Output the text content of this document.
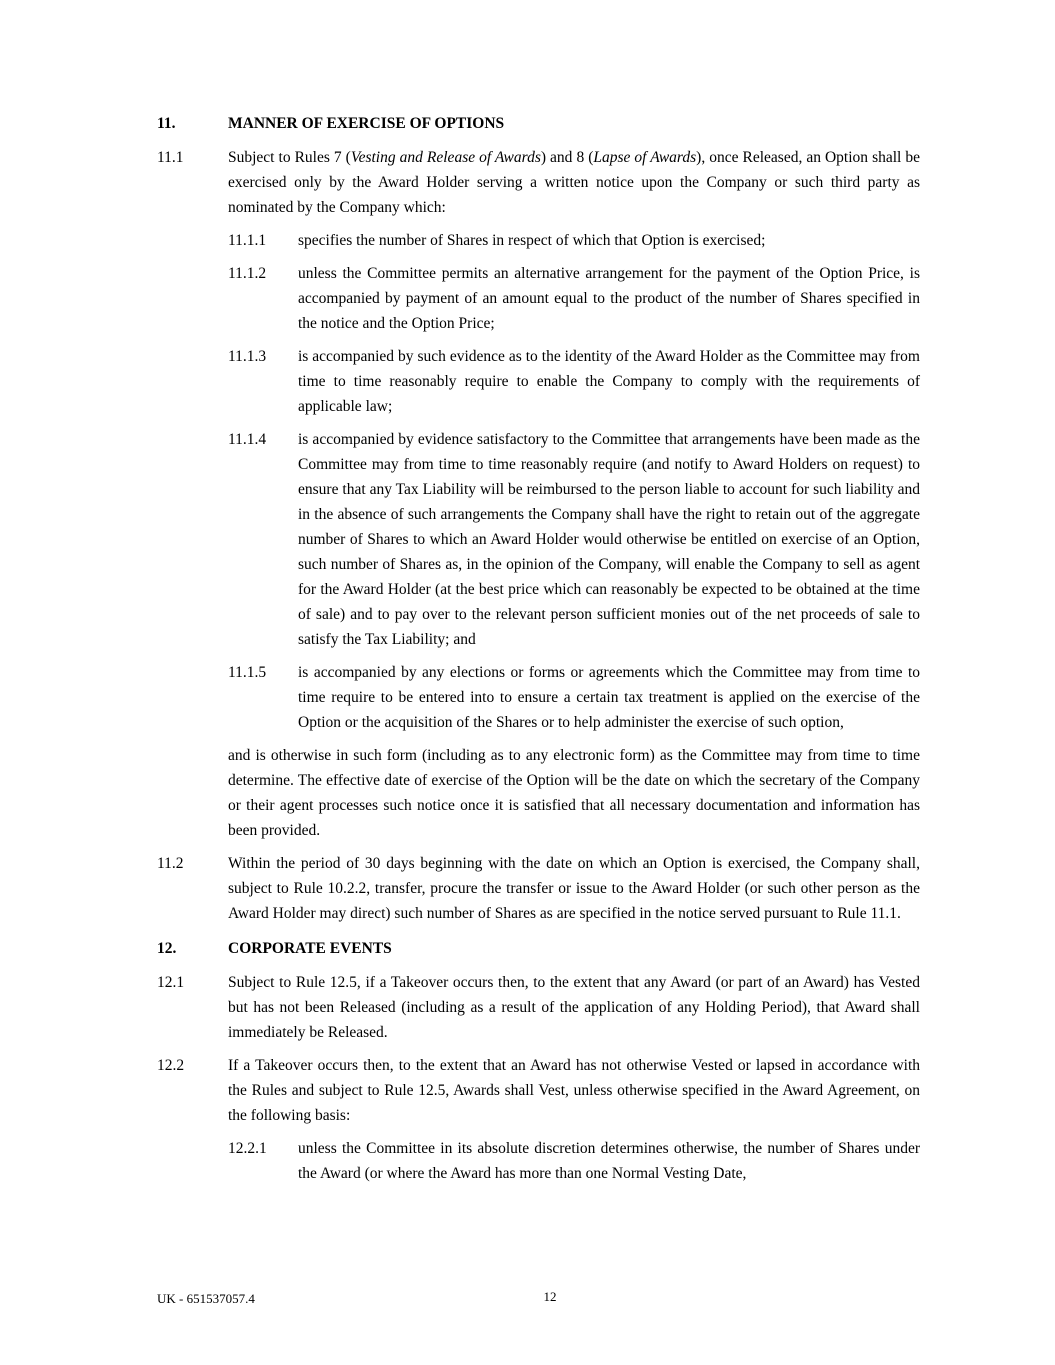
11.	MANNER OF EXERCISE OF OPTIONS
11.1	Subject to Rules 7 (Vesting and Release of Awards) and 8 (Lapse of Awards), once Released, an Option shall be exercised only by the Award Holder serving a written notice upon the Company or such third party as nominated by the Company which:
11.1.1	specifies the number of Shares in respect of which that Option is exercised;
11.1.2	unless the Committee permits an alternative arrangement for the payment of the Option Price, is accompanied by payment of an amount equal to the product of the number of Shares specified in the notice and the Option Price;
11.1.3	is accompanied by such evidence as to the identity of the Award Holder as the Committee may from time to time reasonably require to enable the Company to comply with the requirements of applicable law;
11.1.4	is accompanied by evidence satisfactory to the Committee that arrangements have been made as the Committee may from time to time reasonably require (and notify to Award Holders on request) to ensure that any Tax Liability will be reimbursed to the person liable to account for such liability and in the absence of such arrangements the Company shall have the right to retain out of the aggregate number of Shares to which an Award Holder would otherwise be entitled on exercise of an Option, such number of Shares as, in the opinion of the Company, will enable the Company to sell as agent for the Award Holder (at the best price which can reasonably be expected to be obtained at the time of sale) and to pay over to the relevant person sufficient monies out of the net proceeds of sale to satisfy the Tax Liability; and
11.1.5	is accompanied by any elections or forms or agreements which the Committee may from time to time require to be entered into to ensure a certain tax treatment is applied on the exercise of the Option or the acquisition of the Shares or to help administer the exercise of such option,
and is otherwise in such form (including as to any electronic form) as the Committee may from time to time determine. The effective date of exercise of the Option will be the date on which the secretary of the Company or their agent processes such notice once it is satisfied that all necessary documentation and information has been provided.
11.2	Within the period of 30 days beginning with the date on which an Option is exercised, the Company shall, subject to Rule 10.2.2, transfer, procure the transfer or issue to the Award Holder (or such other person as the Award Holder may direct) such number of Shares as are specified in the notice served pursuant to Rule 11.1.
12.	CORPORATE EVENTS
12.1	Subject to Rule 12.5, if a Takeover occurs then, to the extent that any Award (or part of an Award) has Vested but has not been Released (including as a result of the application of any Holding Period), that Award shall immediately be Released.
12.2	If a Takeover occurs then, to the extent that an Award has not otherwise Vested or lapsed in accordance with the Rules and subject to Rule 12.5, Awards shall Vest, unless otherwise specified in the Award Agreement, on the following basis:
12.2.1	unless the Committee in its absolute discretion determines otherwise, the number of Shares under the Award (or where the Award has more than one Normal Vesting Date,
12
UK - 651537057.4
